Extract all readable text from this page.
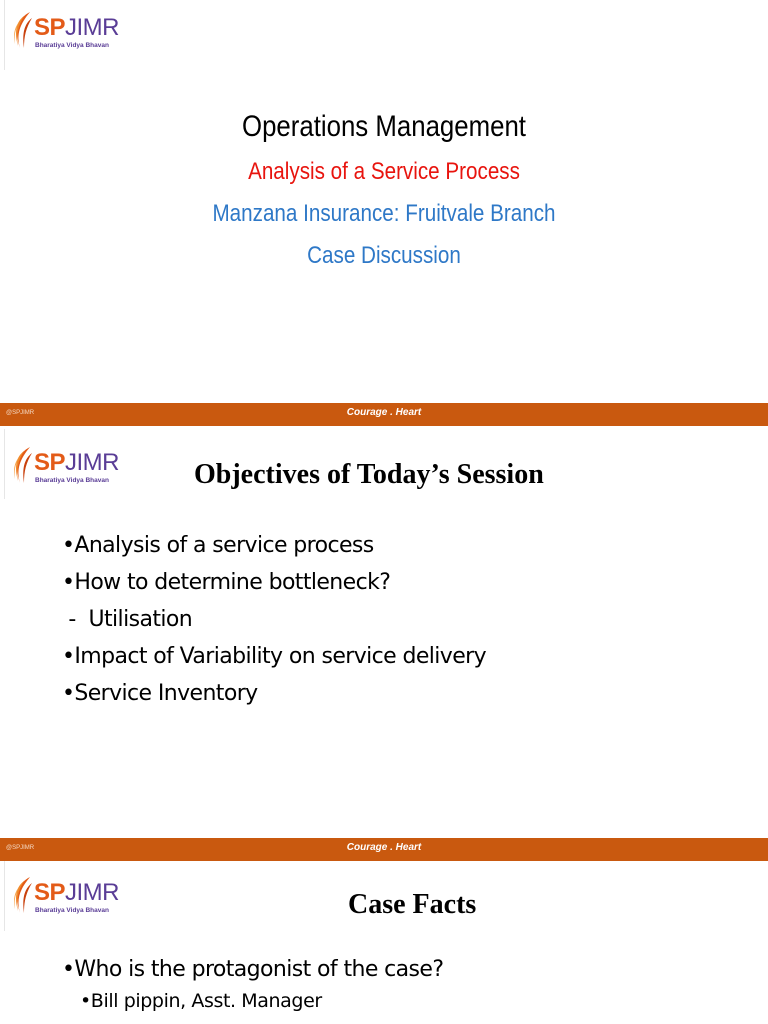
SPJIMR
Bharatiya Vidya Bhavan
Operations Management
Analysis of a Service Process
Manzana Insurance: Fruitvale Branch
Case Discussion
@SPJIMR	Courage . Heart
SPJIMR
Bharatiya Vidya Bhavan	Objectives of Today’s Session
•Analysis of a service process
•How to determine bottleneck?
-  Utilisation
•Impact of Variability on service delivery
•Service Inventory
@SPJIMR	Courage . Heart
SPJIMR
Bharatiya Vidya Bhavan	Case Facts
•Who is the protagonist of the case?
•Bill pippin, Asst. Manager
